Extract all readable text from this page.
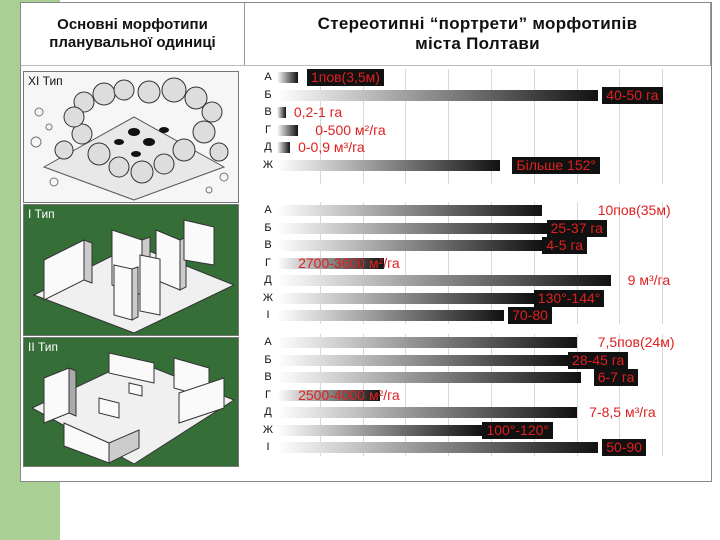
Основні морфотипи
планувальної одиниці
Стереотипні “портрети” морфотипів
міста Полтави
XI Тип
І Тип
ІІ Тип
А	1пов(3,5м)
Б	40-50 га
В	0,2-1 га
Г	0-500 м²/га
Д	0-0,9 м³/га
Ж	Більше 152°
А	10пов(35м)
Б	25-37 га
В	4-5 га
Г	2700-3600 м²/га
Д	9 м³/га
Ж	130°-144°
І	70-80
А	7,5пов(24м)
Б	28-45 га
В	6-7 га
Г	2500-4000 м²/га
Д	7-8,5 м³/га
Ж	100°-120°
І	50-90
